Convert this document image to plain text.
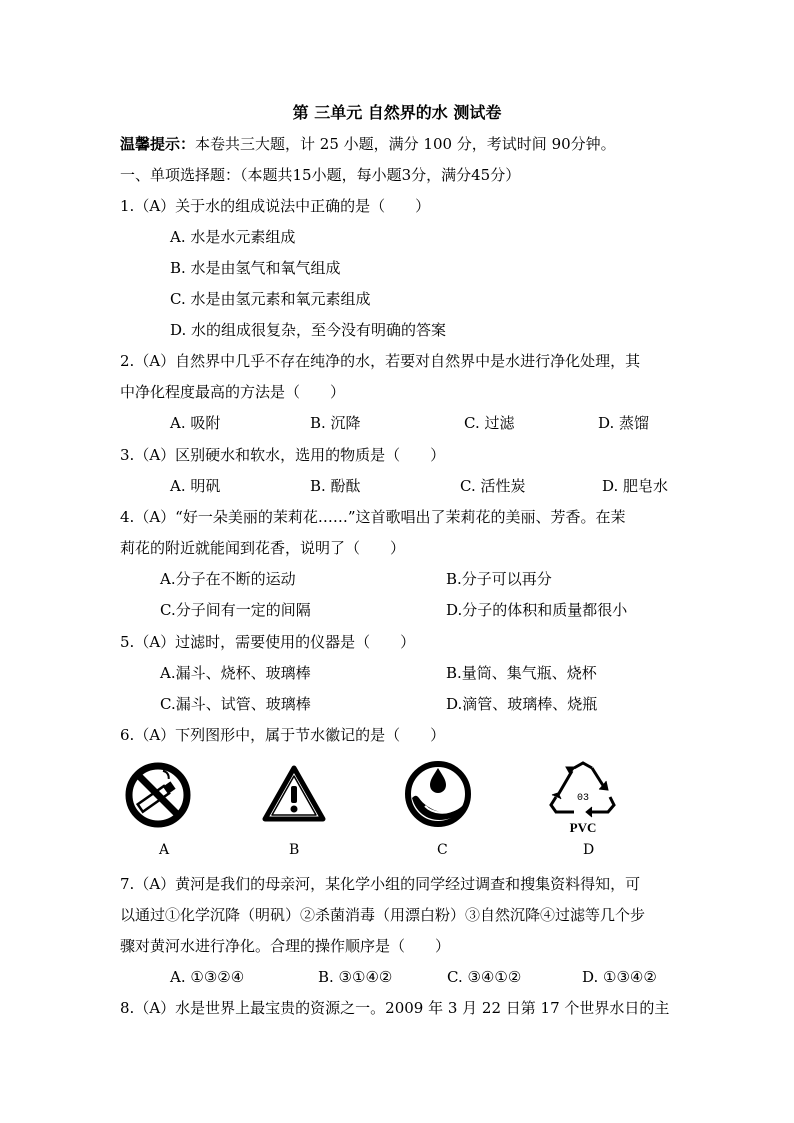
第 三单元 自然界的水 测试卷
温馨提示：本卷共三大题，计 25 小题，满分 100 分，考试时间 90分钟。
一、单项选择题：（本题共15小题，每小题3分，满分45分）
1.（A）关于水的组成说法中正确的是（　　）
A. 水是水元素组成
B. 水是由氢气和氧气组成
C. 水是由氢元素和氧元素组成
D. 水的组成很复杂，至今没有明确的答案
2.（A）自然界中几乎不存在纯净的水，若要对自然界中是水进行净化处理，其
中净化程度最高的方法是（　　）
A. 吸附	B. 沉降	C. 过滤	D. 蒸馏
3.（A）区别硬水和软水，选用的物质是（　　）
A. 明矾	B. 酚酞	C. 活性炭	D. 肥皂水
4.（A）“好一朵美丽的茉莉花……”这首歌唱出了茉莉花的美丽、芳香。在茉
莉花的附近就能闻到花香，说明了（　　）
A.分子在不断的运动	B.分子可以再分
C.分子间有一定的间隔	D.分子的体积和质量都很小
5.（A）过滤时，需要使用的仪器是（　　）
A.漏斗、烧杯、玻璃棒	B.量筒、集气瓶、烧杯
C.漏斗、试管、玻璃棒	D.滴管、玻璃棒、烧瓶
6.（A）下列图形中，属于节水徽记的是（　　）
03
PVC
A	B	C	D
7.（A）黄河是我们的母亲河，某化学小组的同学经过调查和搜集资料得知，可
以通过①化学沉降（明矾）②杀菌消毒（用漂白粉）③自然沉降④过滤等几个步
骤对黄河水进行净化。合理的操作顺序是（　　）
A. ①③②④	B. ③①④②	C. ③④①②	D. ①③④②
8.（A）水是世界上最宝贵的资源之一。2009 年 3 月 22 日第 17 个世界水日的主
